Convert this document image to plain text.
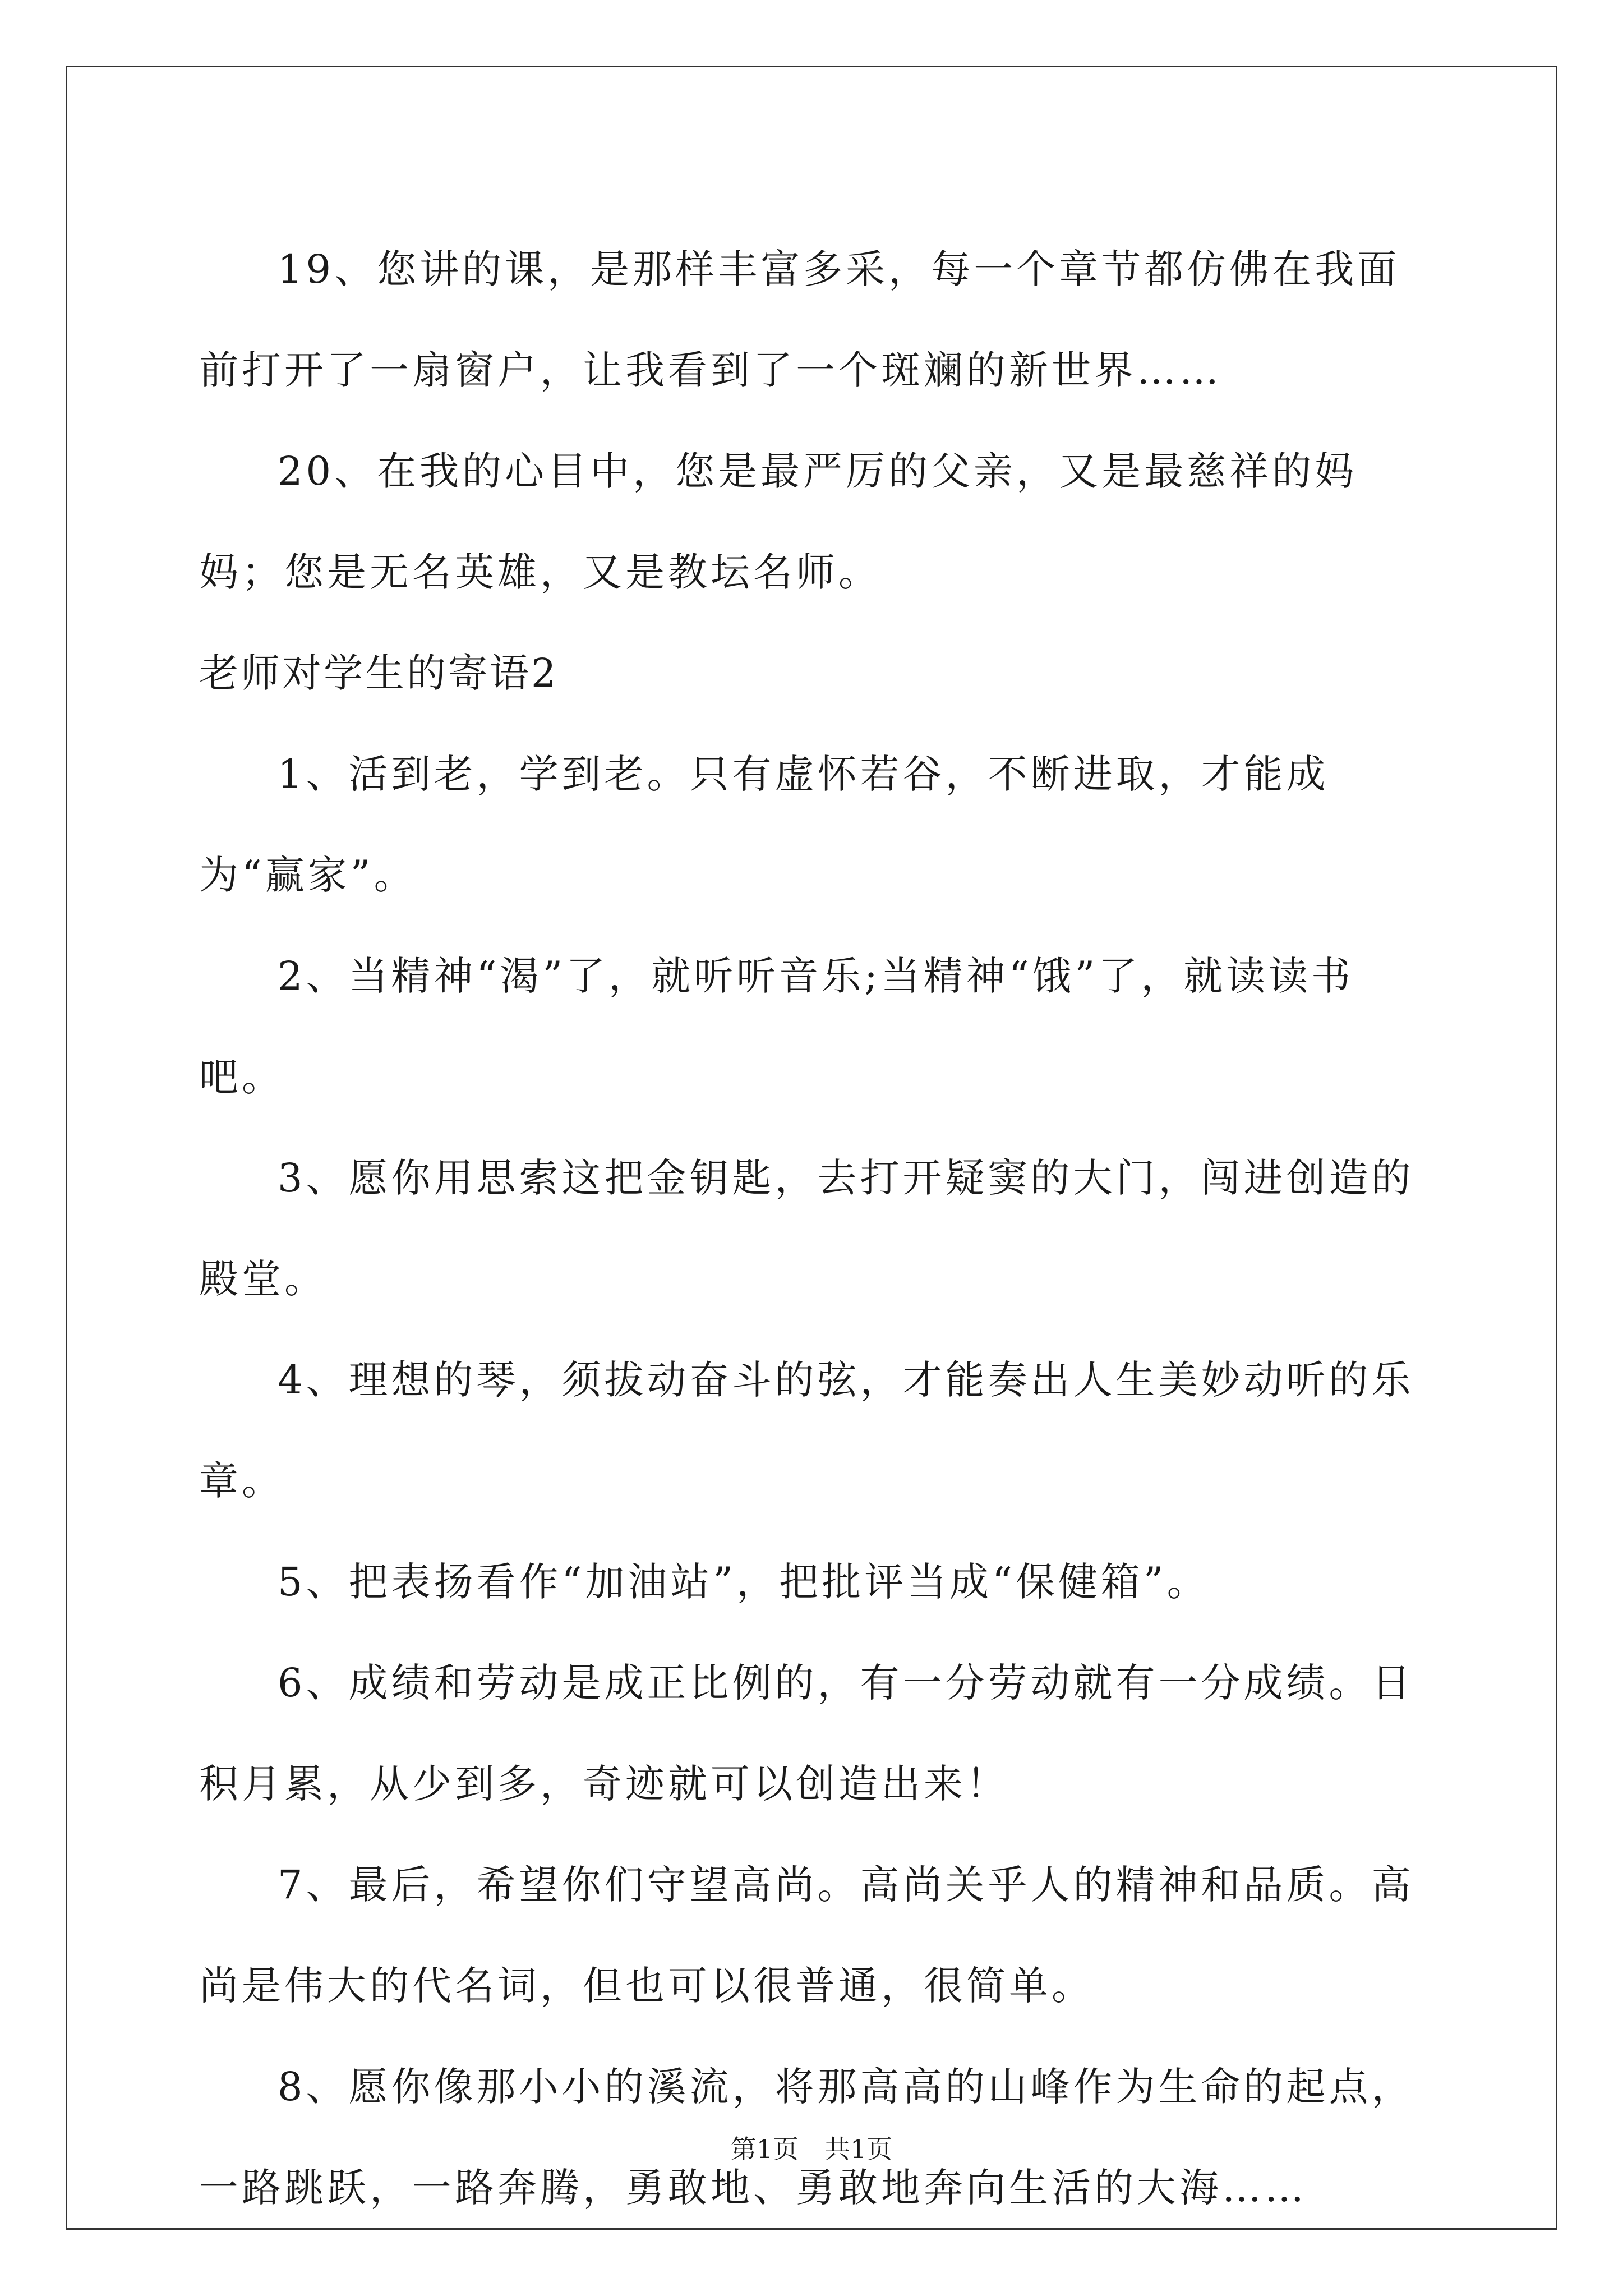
19、您讲的课，是那样丰富多采，每一个章节都仿佛在我面前打开了一扇窗户，让我看到了一个斑斓的新世界……

20、在我的心目中，您是最严厉的父亲，又是最慈祥的妈妈；您是无名英雄，又是教坛名师。

老师对学生的寄语2

1、活到老，学到老。只有虚怀若谷，不断进取，才能成为“赢家”。

2、当精神“渴”了，就听听音乐;当精神“饿”了，就读读书吧。

3、愿你用思索这把金钥匙，去打开疑窦的大门，闯进创造的殿堂。

4、理想的琴，须拔动奋斗的弦，才能奏出人生美妙动听的乐章。

5、把表扬看作“加油站”，把批评当成“保健箱”。

6、成绩和劳动是成正比例的，有一分劳动就有一分成绩。日积月累，从少到多，奇迹就可以创造出来！

7、最后，希望你们守望高尚。高尚关乎人的精神和品质。高尚是伟大的代名词，但也可以很普通，很简单。

8、愿你像那小小的溪流，将那高高的山峰作为生命的起点，一路跳跃，一路奔腾，勇敢地、勇敢地奔向生活的大海……

第1页　共1页
